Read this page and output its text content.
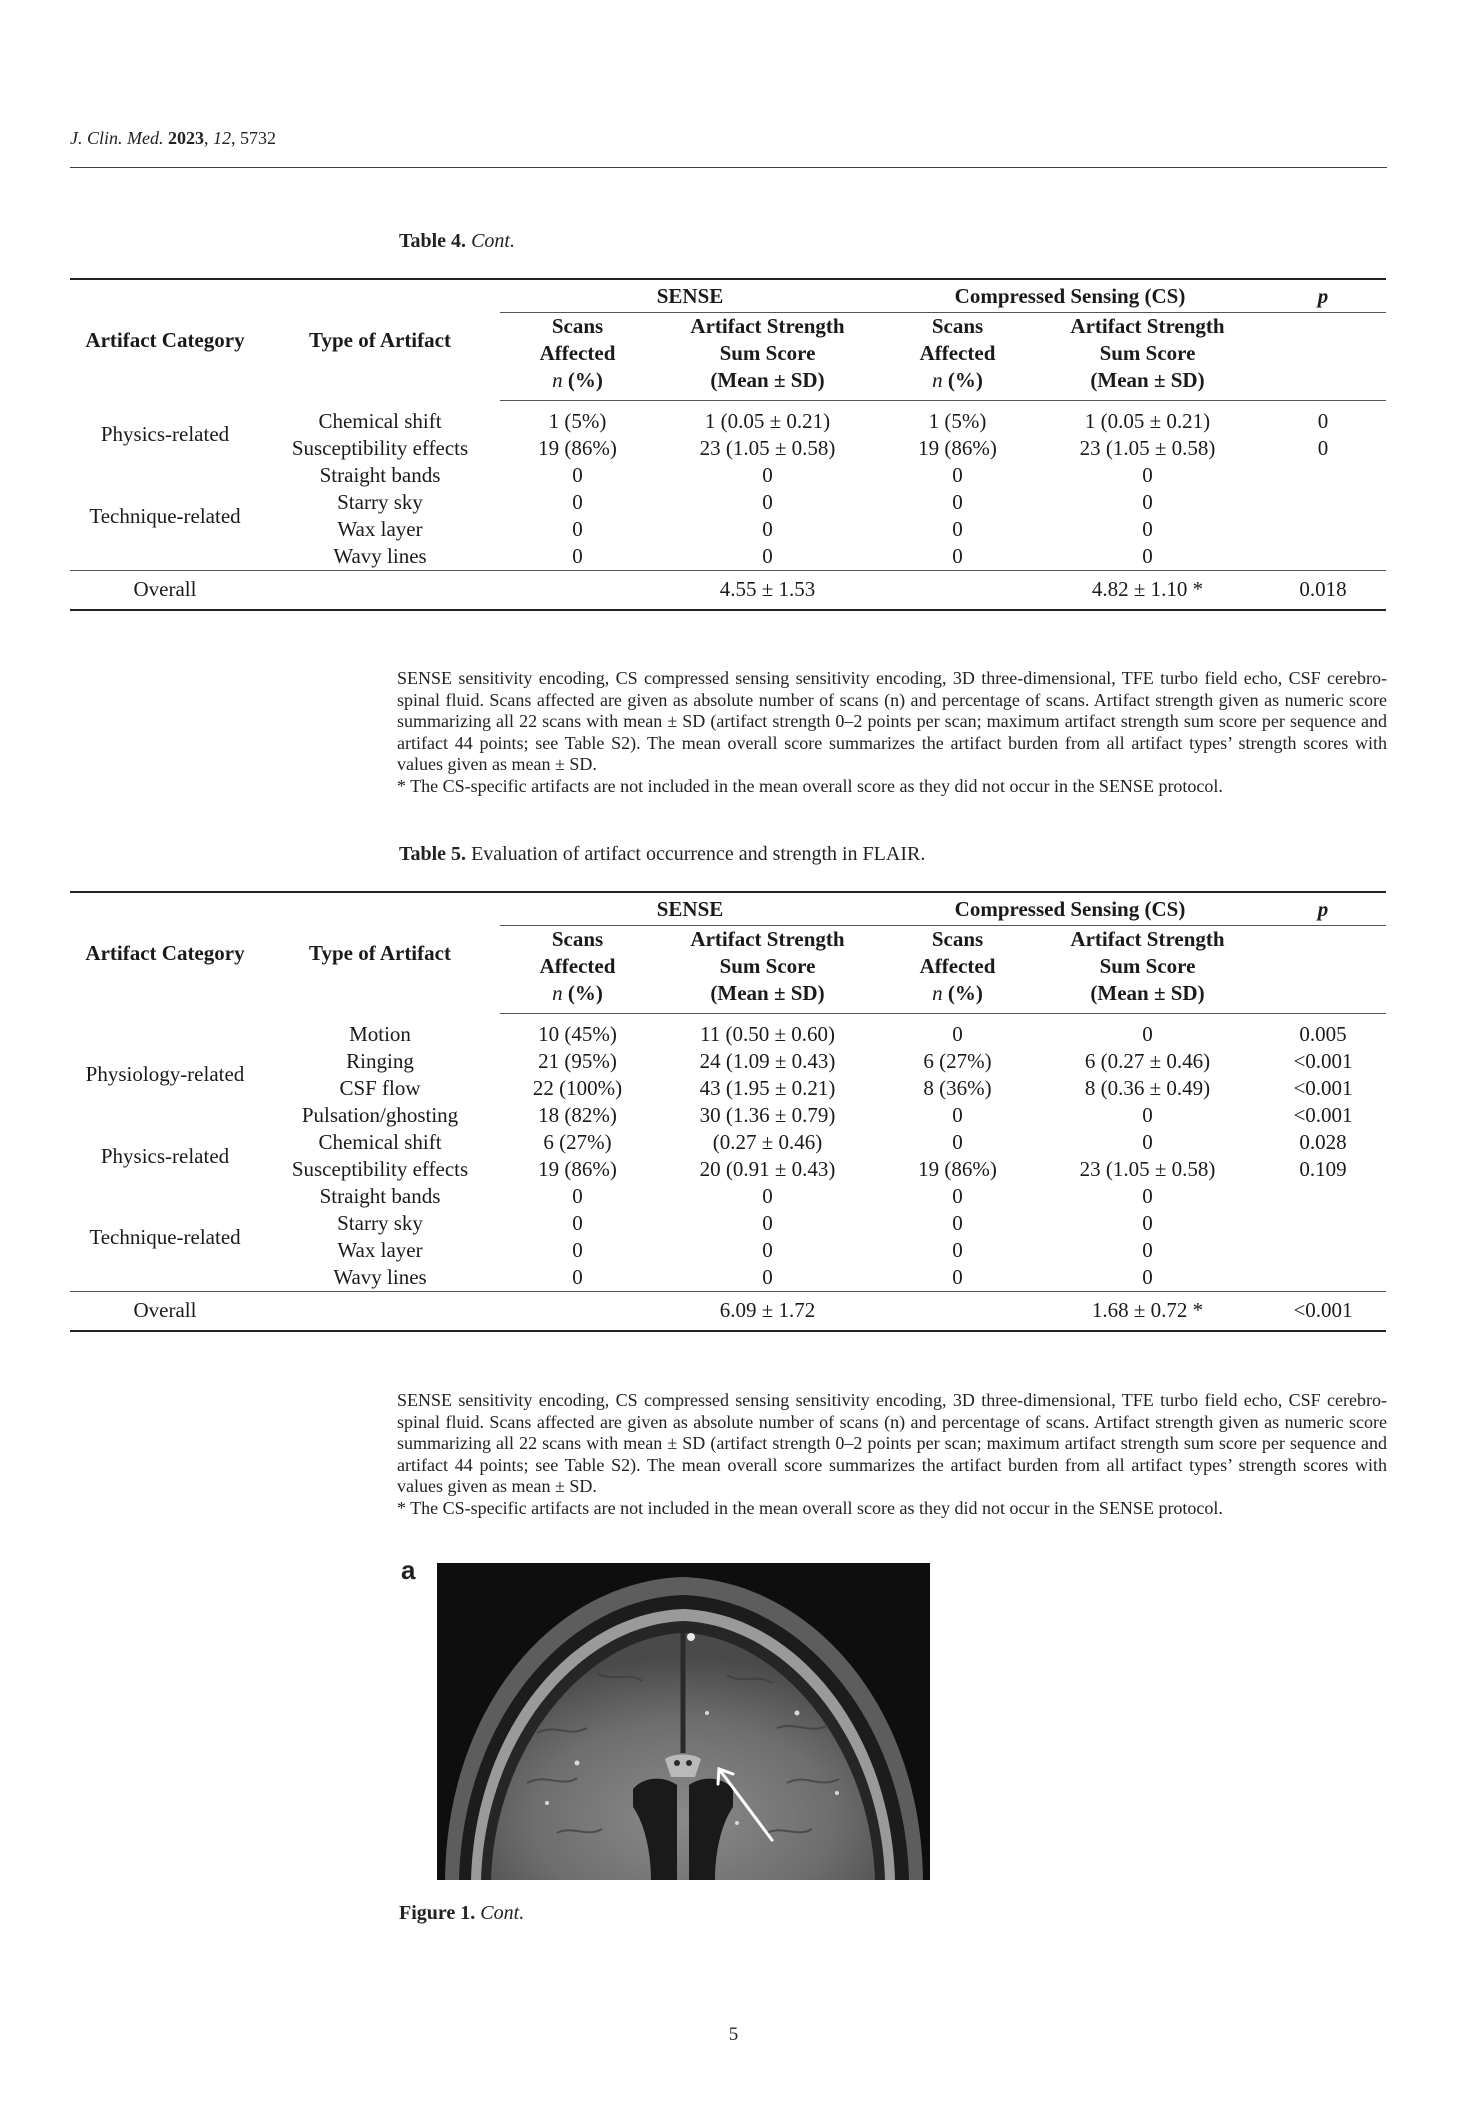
J. Clin. Med. 2023, 12, 5732
Table 4. Cont.
Artifact Category	Type of Artifact	SENSE		Compressed Sensing (CS)		p
		Scans
Affected
n (%)	Artifact Strength
Sum Score
(Mean ± SD)	Scans
Affected
n (%)	Artifact Strength
Sum Score
(Mean ± SD)	
Physics-related	Chemical shift	1 (5%)	1 (0.05 ± 0.21)	1 (5%)	1 (0.05 ± 0.21)	0
	Susceptibility effects	19 (86%)	23 (1.05 ± 0.58)	19 (86%)	23 (1.05 ± 0.58)	0
Technique-related	Straight bands	0	0	0	0	
	Starry sky	0	0	0	0	
	Wax layer	0	0	0	0	
	Wavy lines	0	0	0	0	
Overall			4.55 ± 1.53		4.82 ± 1.10 *	0.018

SENSE sensitivity encoding, CS compressed sensing sensitivity encoding, 3D three-dimensional, TFE turbo field echo, CSF cerebro-spinal fluid. Scans affected are given as absolute number of scans (n) and percentage of scans. Artifact strength given as numeric score summarizing all 22 scans with mean ± SD (artifact strength 0–2 points per scan; maximum artifact strength sum score per sequence and artifact 44 points; see Table S2). The mean overall score summarizes the artifact burden from all artifact types’ strength scores with values given as mean ± SD.

* The CS-specific artifacts are not included in the mean overall score as they did not occur in the SENSE protocol.

Table 5. Evaluation of artifact occurrence and strength in FLAIR.
Artifact Category	Type of Artifact	SENSE		Compressed Sensing (CS)		p
		Scans
Affected
n (%)	Artifact Strength
Sum Score
(Mean ± SD)	Scans
Affected
n (%)	Artifact Strength
Sum Score
(Mean ± SD)	
Physiology-related	Motion	10 (45%)	11 (0.50 ± 0.60)	0	0	0.005
	Ringing	21 (95%)	24 (1.09 ± 0.43)	6 (27%)	6 (0.27 ± 0.46)	<0.001
	CSF flow	22 (100%)	43 (1.95 ± 0.21)	8 (36%)	8 (0.36 ± 0.49)	<0.001
	Pulsation/ghosting	18 (82%)	30 (1.36 ± 0.79)	0	0	<0.001
Physics-related	Chemical shift	6 (27%)	(0.27 ± 0.46)	0	0	0.028
	Susceptibility effects	19 (86%)	20 (0.91 ± 0.43)	19 (86%)	23 (1.05 ± 0.58)	0.109
Technique-related	Straight bands	0	0	0	0	
	Starry sky	0	0	0	0	
	Wax layer	0	0	0	0	
	Wavy lines	0	0	0	0	
Overall			6.09 ± 1.72		1.68 ± 0.72 *	<0.001

SENSE sensitivity encoding, CS compressed sensing sensitivity encoding, 3D three-dimensional, TFE turbo field echo, CSF cerebro-spinal fluid. Scans affected are given as absolute number of scans (n) and percentage of scans. Artifact strength given as numeric score summarizing all 22 scans with mean ± SD (artifact strength 0–2 points per scan; maximum artifact strength sum score per sequence and artifact 44 points; see Table S2). The mean overall score summarizes the artifact burden from all artifact types’ strength scores with values given as mean ± SD.

* The CS-specific artifacts are not included in the mean overall score as they did not occur in the SENSE protocol.

a
Figure 1. Cont.
5
